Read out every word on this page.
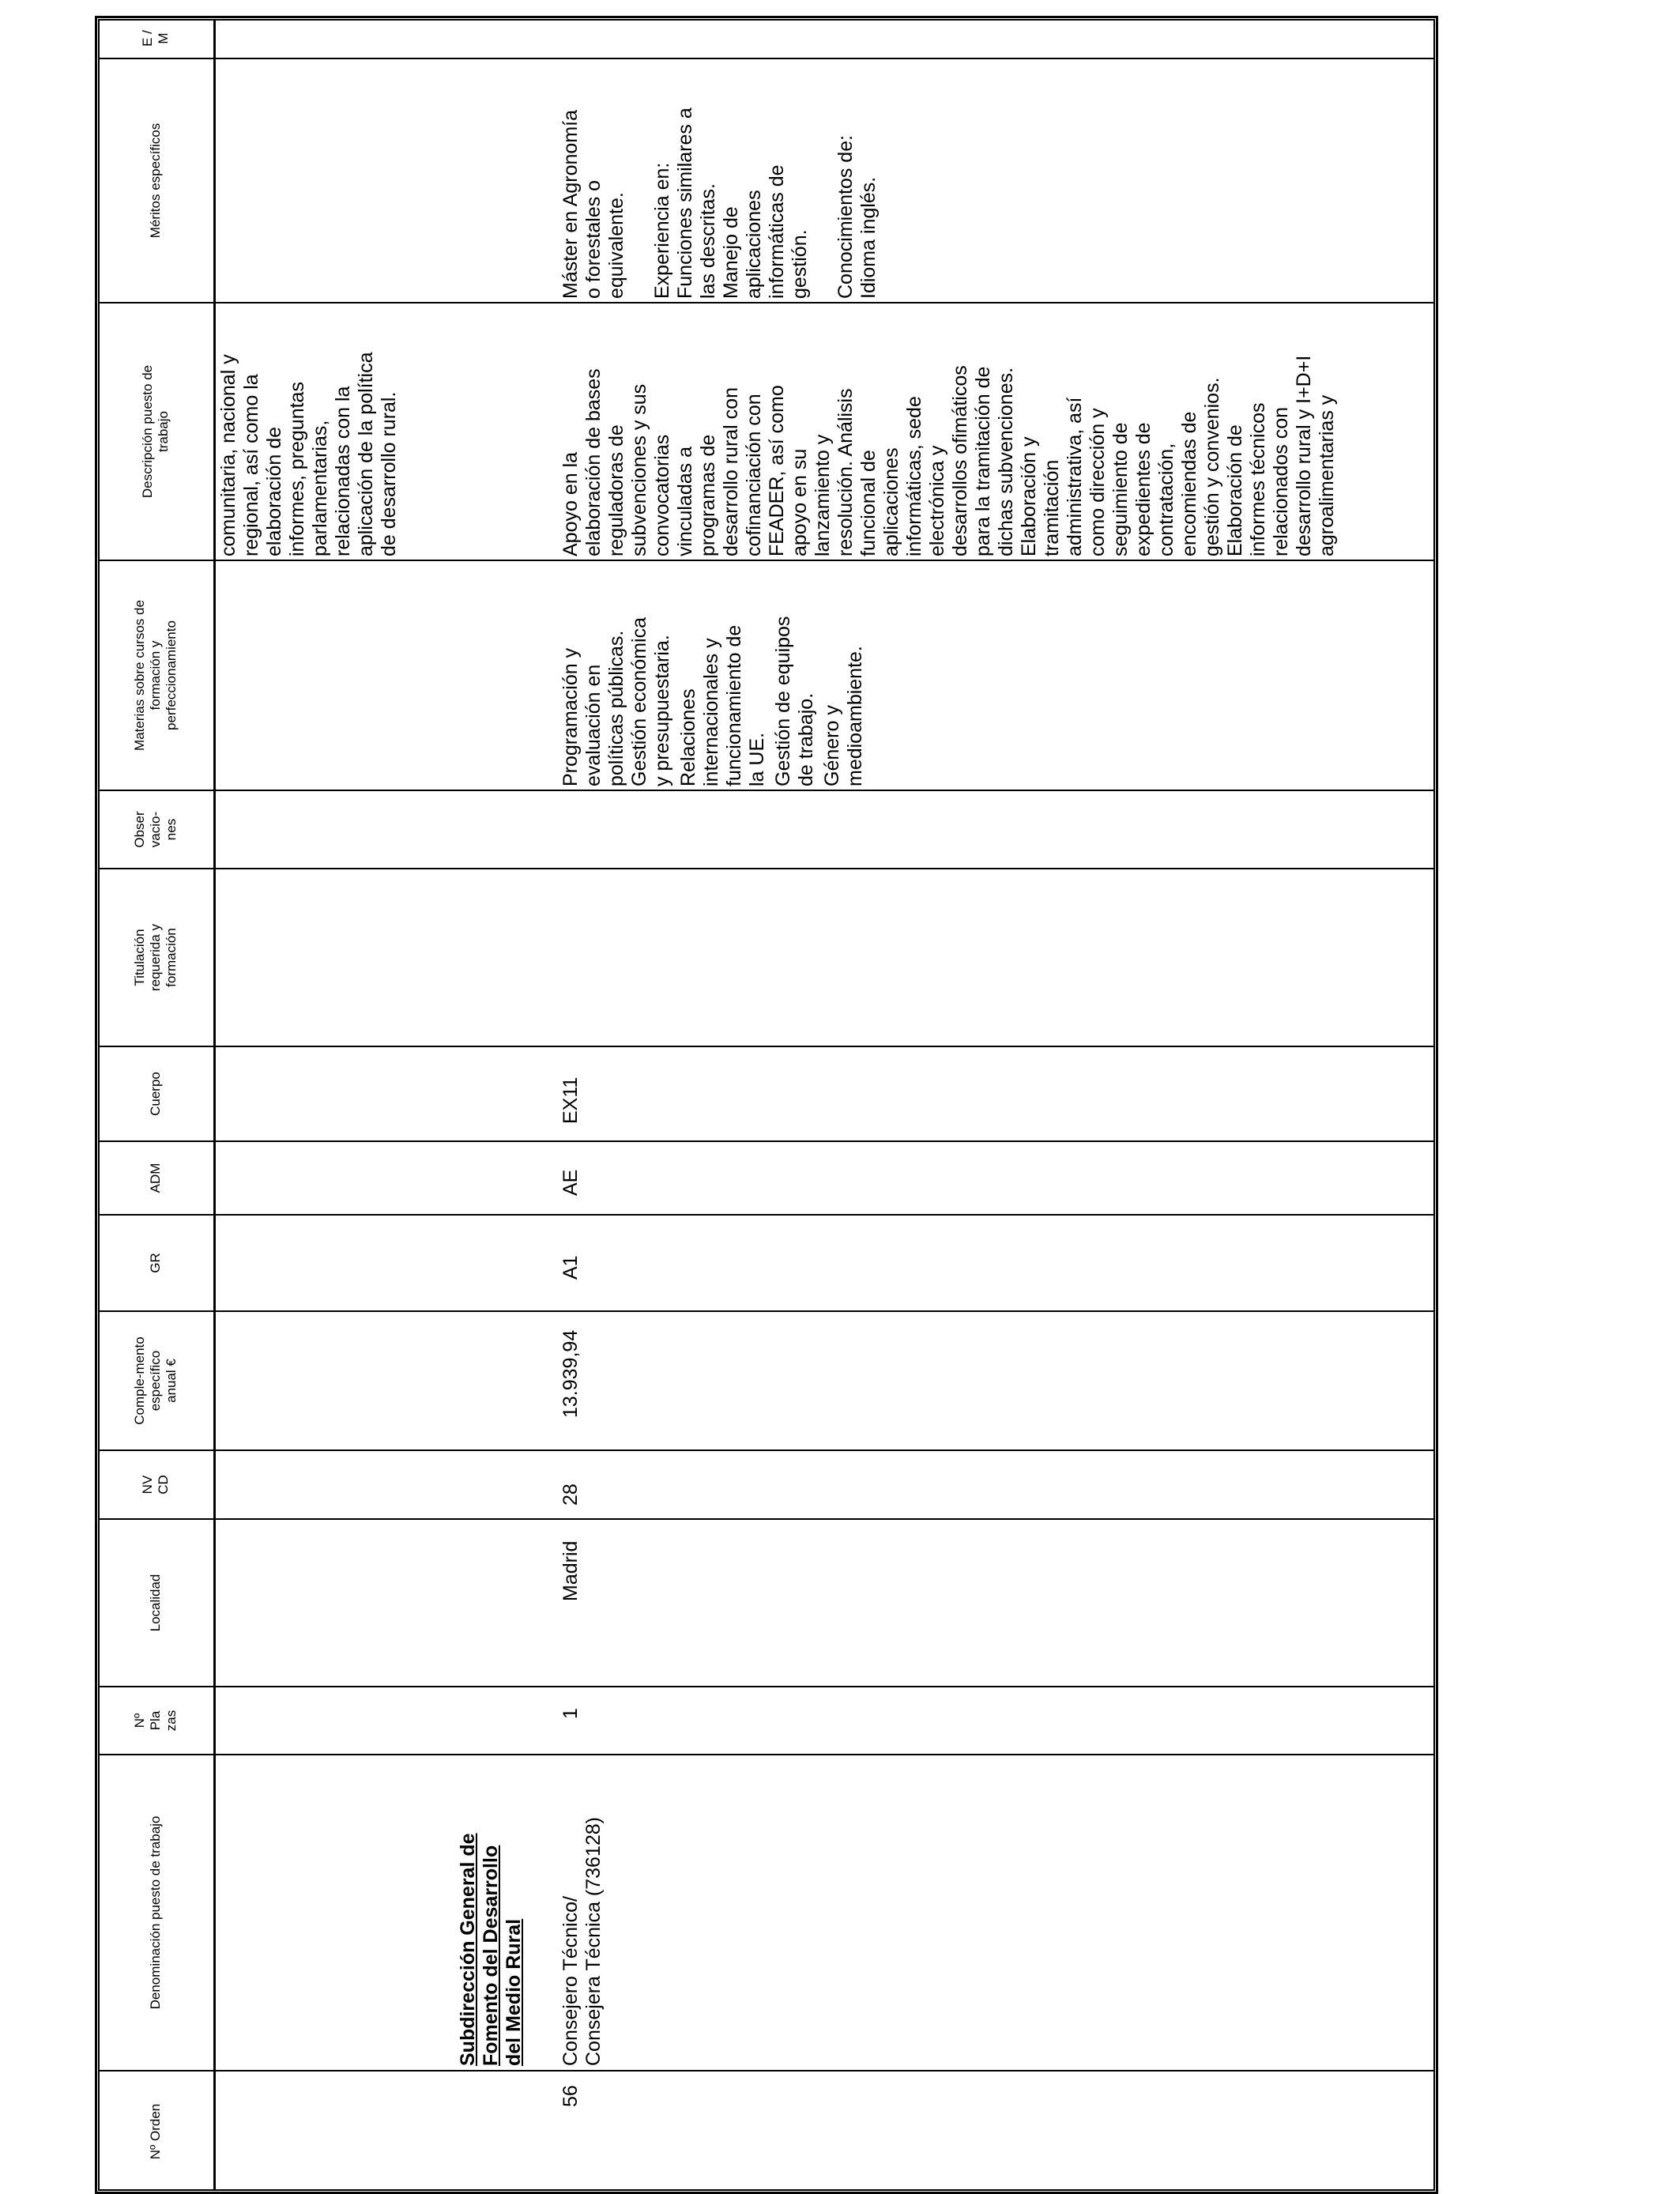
Nº Orden
Denominación puesto de trabajo
Nº Pla zas
Localidad
NV CD
Comple-mento específico anual €
GR
ADM
Cuerpo
Titulación requerida y formación
Obser vacio-nes
Materias sobre cursos de formación y perfeccionamiento
Descripción puesto de trabajo
Méritos específicos
E / M

comunitaria, nacional y regional, así como la elaboración de informes, preguntas parlamentarias, relacionadas con la aplicación de la política de desarrollo rural.

Subdirección General de Fomento del Desarrollo del Medio Rural

56

Consejero Técnico/ Consejera Técnica (736128)

1
Madrid
28
13.939,94
A1
AE
EX11

Programación y evaluación en políticas públicas. Gestión económica y presupuestaria. Relaciones internacionales y funcionamiento de la UE. Gestión de equipos de trabajo. Género y medioambiente.

Apoyo en la elaboración de bases reguladoras de subvenciones y sus convocatorias vinculadas a programas de desarrollo rural con cofinanciación con FEADER, así como apoyo en su lanzamiento y resolución. Análisis funcional de aplicaciones informáticas, sede electrónica y desarrollos ofimáticos para la tramitación de dichas subvenciones. Elaboración y tramitación administrativa, así como dirección y seguimiento de expedientes de contratación, encomiendas de gestión y convenios. Elaboración de informes técnicos relacionados con desarrollo rural y I+D+I agroalimentarias y

Máster en Agronomía o forestales o equivalente. Experiencia en: Funciones similares a las descritas. Manejo de aplicaciones informáticas de gestión. Conocimientos de: Idioma inglés.
